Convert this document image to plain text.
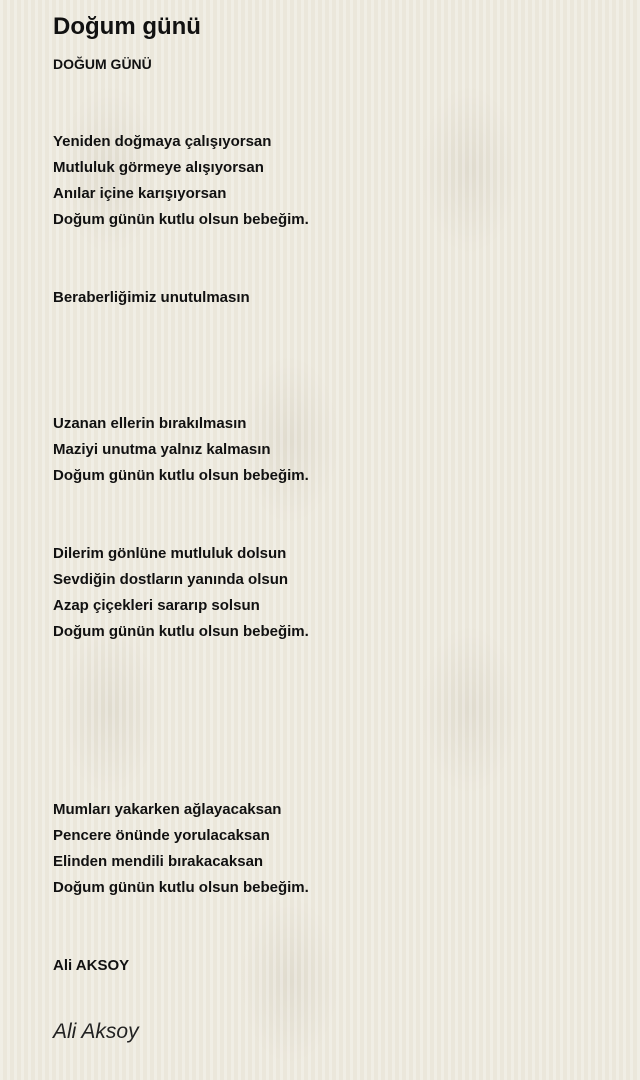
Doğum günü
DOĞUM GÜNÜ
Yeniden doğmaya çalışıyorsan
Mutluluk görmeye alışıyorsan
Anılar içine karışıyorsan
Doğum günün kutlu olsun bebeğim.
Beraberliğimiz unutulmasın
Uzanan ellerin bırakılmasın
Maziyi unutma yalnız kalmasın
Doğum günün kutlu olsun bebeğim.
Dilerim gönlüne mutluluk dolsun
Sevdiğin dostların yanında olsun
Azap çiçekleri sararıp solsun
Doğum günün kutlu olsun bebeğim.
Mumları yakarken ağlayacaksan
Pencere önünde yorulacaksan
Elinden mendili bırakacaksan
Doğum günün kutlu olsun bebeğim.
Ali AKSOY
Ali Aksoy
